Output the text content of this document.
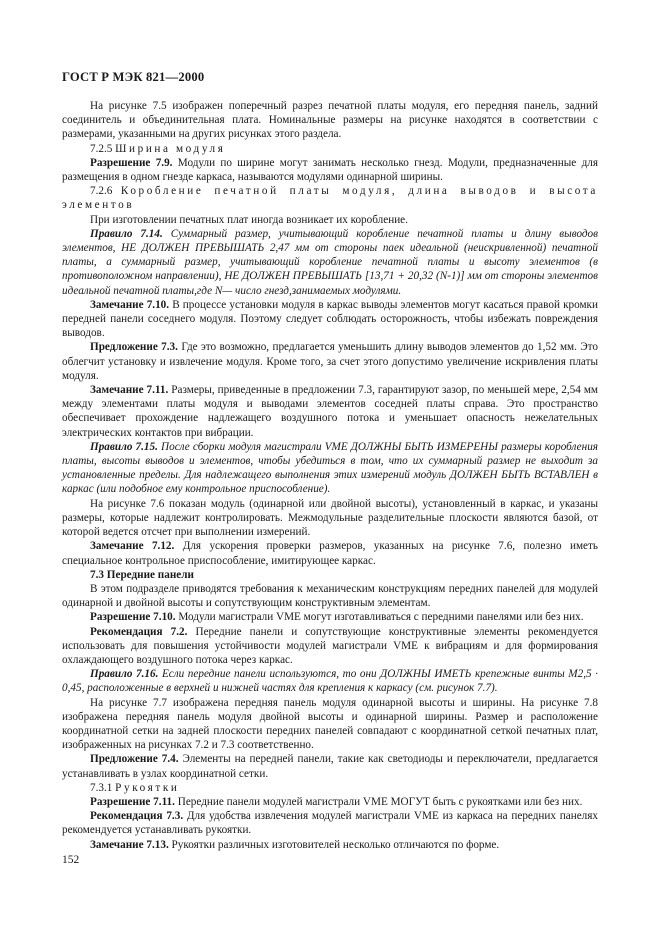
ГОСТ Р МЭК 821—2000

На рисунке 7.5 изображен поперечный разрез печатной платы модуля, его передняя панель, задний соединитель и объединительная плата. Номинальные размеры на рисунке находятся в соответствии с размерами, указанными на других рисунках этого раздела.

7.2.5 Ширина модуля

Разрешение 7.9. Модули по ширине могут занимать несколько гнезд. Модули, предназначенные для размещения в одном гнезде каркаса, называются модулями одинарной ширины.

7.2.6 Коробление печатной платы модуля, длина выводов и высота элементов

При изготовлении печатных плат иногда возникает их коробление.

Правило 7.14. Суммарный размер, учитывающий коробление печатной платы и длину выводов элементов, НЕ ДОЛЖЕН ПРЕВЫШАТЬ 2,47 мм от стороны паек идеальной (неискривленной) печатной платы, а суммарный размер, учитывающий коробление печатной платы и высоту элементов (в противоположном направлении), НЕ ДОЛЖЕН ПРЕВЫШАТЬ [13,71 + 20,32 (N-1)] мм от стороны элементов идеальной печатной платы,где N— число гнезд,занимаемых модулями.

Замечание 7.10. В процессе установки модуля в каркас выводы элементов могут касаться правой кромки передней панели соседнего модуля. Поэтому следует соблюдать осторожность, чтобы избежать повреждения выводов.

Предложение 7.3. Где это возможно, предлагается уменьшить длину выводов элементов до 1,52 мм. Это облегчит установку и извлечение модуля. Кроме того, за счет этого допустимо увеличение искривления платы модуля.

Замечание 7.11. Размеры, приведенные в предложении 7.3, гарантируют зазор, по меньшей мере, 2,54 мм между элементами платы модуля и выводами элементов соседней платы справа. Это пространство обеспечивает прохождение надлежащего воздушного потока и уменьшает опасность нежелательных электрических контактов при вибрации.

Правило 7.15. После сборки модуля магистрали VME ДОЛЖНЫ БЫТЬ ИЗМЕРЕНЫ размеры коробления платы, высоты выводов и элементов, чтобы убедиться в том, что их суммарный размер не выходит за установленные пределы. Для надлежащего выполнения этих измерений модуль ДОЛЖЕН БЫТЬ ВСТАВЛЕН в каркас (или подобное ему контрольное приспособление).

На рисунке 7.6 показан модуль (одинарной или двойной высоты), установленный в каркас, и указаны размеры, которые надлежит контролировать. Межмодульные разделительные плоскости являются базой, от которой ведется отсчет при выполнении измерений.

Замечание 7.12. Для ускорения проверки размеров, указанных на рисунке 7.6, полезно иметь специальное контрольное приспособление, имитирующее каркас.

7.3 Передние панели

В этом подразделе приводятся требования к механическим конструкциям передних панелей для модулей одинарной и двойной высоты и сопутствующим конструктивным элементам.

Разрешение 7.10. Модули магистрали VME могут изготавливаться с передними панелями или без них.

Рекомендация 7.2. Передние панели и сопутствующие конструктивные элементы рекомендуется использовать для повышения устойчивости модулей магистрали VME к вибрациям и для формирования охлаждающего воздушного потока через каркас.

Правило 7.16. Если передние панели используются, то они ДОЛЖНЫ ИМЕТЬ крепежные винты М2,5 · 0,45, расположенные в верхней и нижней частях для крепления к каркасу (см. рисунок 7.7).

На рисунке 7.7 изображена передняя панель модуля одинарной высоты и ширины. На рисунке 7.8 изображена передняя панель модуля двойной высоты и одинарной ширины. Размер и расположение координатной сетки на задней плоскости передних панелей совпадают с координатной сеткой печатных плат, изображенных на рисунках 7.2 и 7.3 соответственно.

Предложение 7.4. Элементы на передней панели, такие как светодиоды и переключатели, предлагается устанавливать в узлах координатной сетки.

7.3.1 Рукоятки

Разрешение 7.11. Передние панели модулей магистрали VME МОГУТ быть с рукоятками или без них.

Рекомендация 7.3. Для удобства извлечения модулей магистрали VME из каркаса на передних панелях рекомендуется устанавливать рукоятки.

Замечание 7.13. Рукоятки различных изготовителей несколько отличаются по форме.

152
